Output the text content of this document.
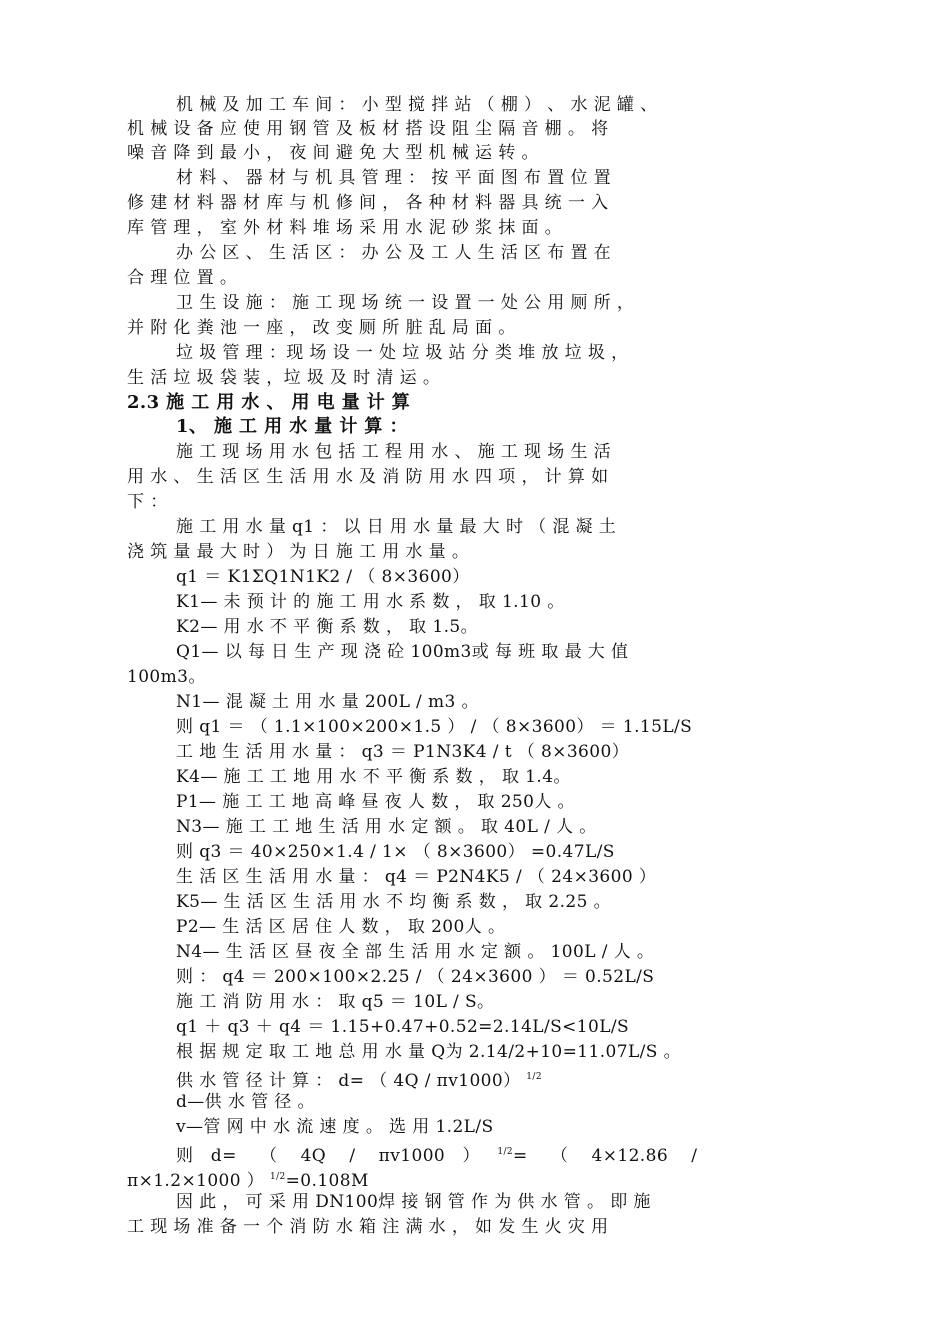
机 械 及 加 工 车 间 ： 小 型 搅 拌 站 （ 棚 ） 、 水 泥 罐 、
机 械 设 备 应 使 用 钢 管 及 板 材 搭 设 阻 尘 隔 音 棚 。 将
噪 音 降 到 最 小 ， 夜 间 避 免 大 型 机 械 运 转 。
材 料 、 器 材 与 机 具 管 理 ： 按 平 面 图 布 置 位 置
修 建 材 料 器 材 库 与 机 修 间 ， 各 种 材 料 器 具 统 一 入
库 管 理 ， 室 外 材 料 堆 场 采 用 水 泥 砂 浆 抹 面 。
办 公 区 、 生 活 区 ： 办 公 及 工 人 生 活 区 布 置 在
合 理 位 置 。
卫 生 设 施 ： 施 工 现 场 统 一 设 置 一 处 公 用 厕 所 ，
并 附 化 粪 池 一 座 ， 改 变 厕 所 脏 乱 局 面 。
垃 圾 管 理 ：现 场 设 一 处 垃 圾 站 分 类 堆 放 垃 圾 ，
生 活 垃 圾 袋 装 ，垃 圾 及 时 清 运 。
2.3 施 工 用 水 、 用 电 量 计 算
1、 施 工 用 水 量 计 算 ：
施 工 现 场 用 水 包 括 工 程 用 水 、 施 工 现 场 生 活
用 水 、 生 活 区 生 活 用 水 及 消 防 用 水 四 项 ， 计 算 如
下 ：
施 工 用 水 量 q1 ： 以 日 用 水 量 最 大 时 （ 混 凝 土
浇 筑 量 最 大 时 ） 为 日 施 工 用 水 量 。
q1 ＝ K1ΣQ1N1K2 / （ 8×3600）
K1— 未 预 计 的 施 工 用 水 系 数 ， 取 1.10 。
K2— 用 水 不 平 衡 系 数 ， 取 1.5。
Q1— 以 每 日 生 产 现 浇 砼 100m3或 每 班 取 最 大 值
100m3。
N1— 混 凝 土 用 水 量 200L / m3 。
则 q1 ＝ （ 1.1×100×200×1.5 ） / （ 8×3600） ＝ 1.15L/S
工 地 生 活 用 水 量 ： q3 ＝ P1N3K4 / t （ 8×3600）
K4— 施 工 工 地 用 水 不 平 衡 系 数 ， 取 1.4。
P1— 施 工 工 地 高 峰 昼 夜 人 数 ， 取 250人 。
N3— 施 工 工 地 生 活 用 水 定 额 。 取 40L / 人 。
则 q3 ＝ 40×250×1.4 / 1× （ 8×3600） =0.47L/S
生 活 区 生 活 用 水 量 ： q4 ＝ P2N4K5 / （ 24×3600 ）
K5— 生 活 区 生 活 用 水 不 均 衡 系 数 ， 取 2.25 。
P2— 生 活 区 居 住 人 数 ， 取 200人 。
N4— 生 活 区 昼 夜 全 部 生 活 用 水 定 额 。 100L / 人 。
则 ： q4 ＝ 200×100×2.25 / （ 24×3600 ） ＝ 0.52L/S
施 工 消 防 用 水 ： 取 q5 ＝ 10L / S。
q1 ＋ q3 ＋ q4 ＝ 1.15+0.47+0.52=2.14L/S<10L/S
根 据 规 定 取 工 地 总 用 水 量 Q为 2.14/2+10=11.07L/S 。
供 水 管 径 计 算 ： d= （ 4Q / πv1000） $^{1/2}$
d—供 水 管 径 。
v—管 网 中 水 流 速 度 。 选 用 1.2L/S
则   d=    （    4Q    /    πv1000   ）   $^{1/2}$=    （    4×12.86    /
π×1.2×1000 ） $^{1/2}$=0.108M
因 此 ， 可 采 用 DN100焊 接 钢 管 作 为 供 水 管 。 即 施
工 现 场 准 备 一 个 消 防 水 箱 注 满 水 ， 如 发 生 火 灾 用
